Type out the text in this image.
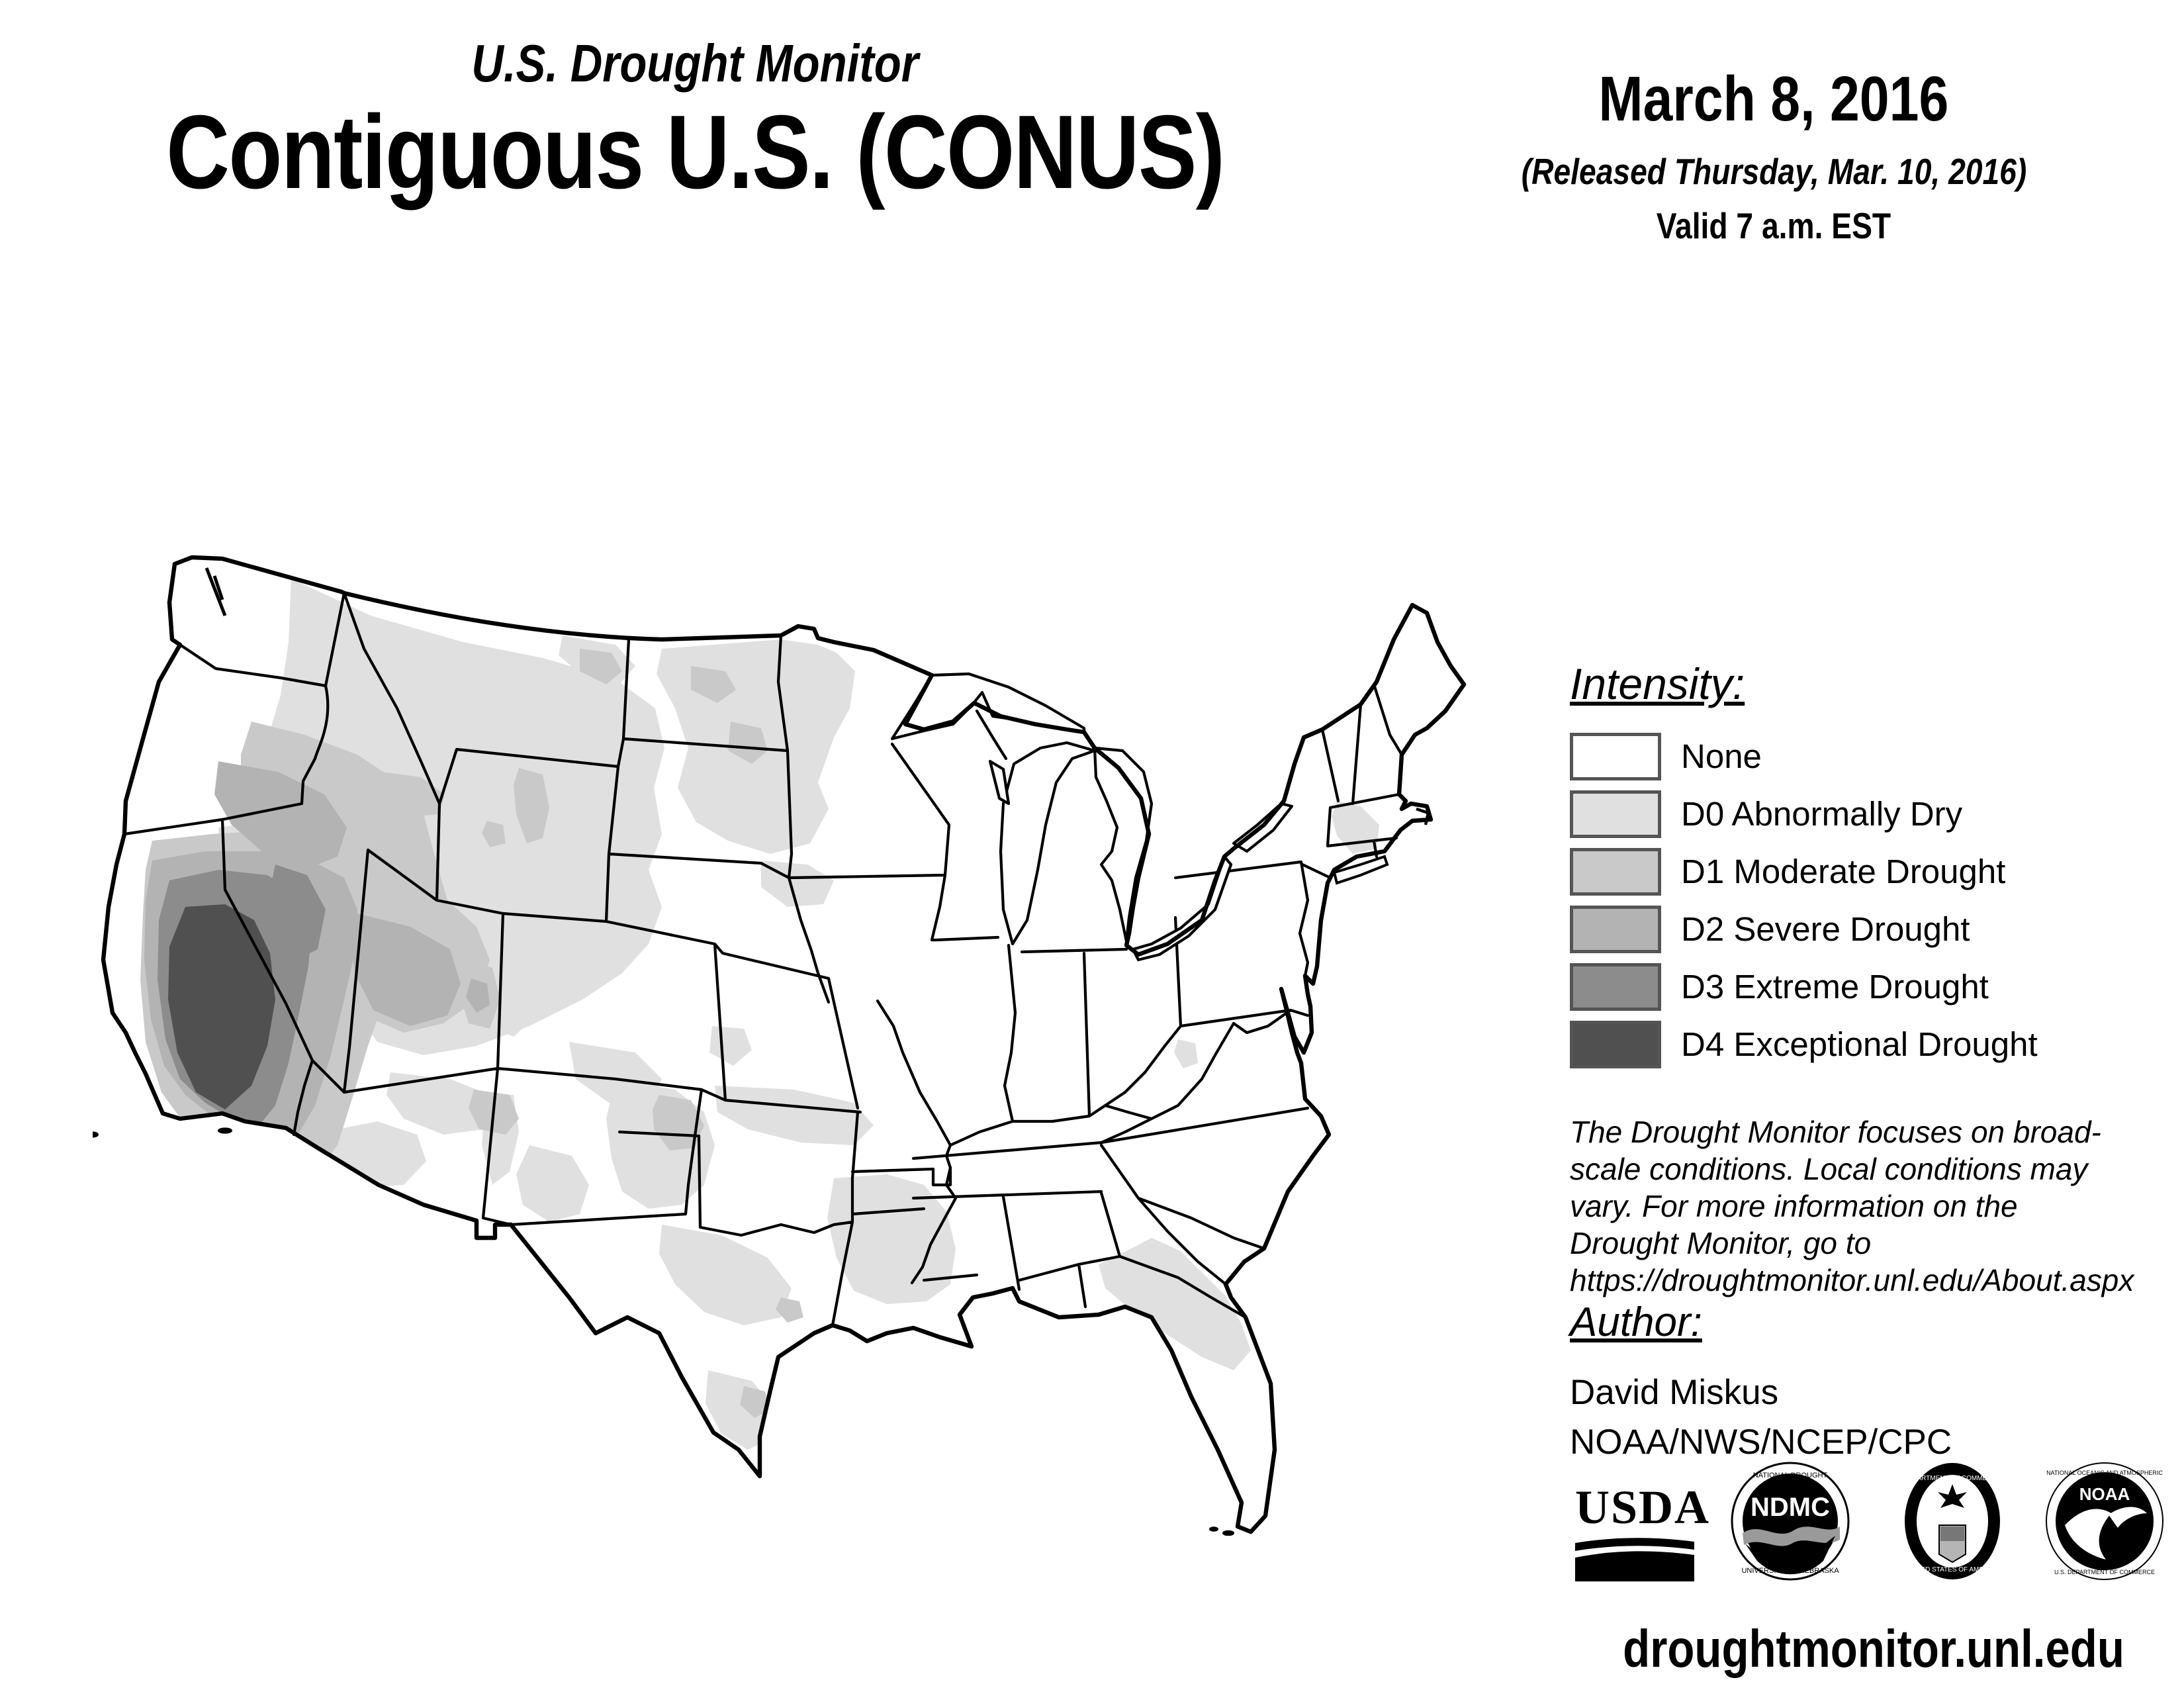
U.S. Drought Monitor
Contiguous U.S. (CONUS)	March 8, 2016
(Released Thursday, Mar. 10, 2016)
Valid 7 a.m. EST
Intensity:
None
D0 Abnormally Dry
D1 Moderate Drought
D2 Severe Drought
D3 Extreme Drought
D4 Exceptional Drought
The Drought Monitor focuses on broad-scale conditions. Local conditions may vary. For more information on the Drought Monitor, go to https://droughtmonitor.unl.edu/About.aspx
Author:
David Miskus
NOAA/NWS/NCEP/CPC
USDA NDMC
NATIONAL DROUGHT
UNIVERSITY OF NEBRASKA
DEPARTMENT OF COMMERCE
UNITED STATES OF AMERICA
NOAA
NATIONAL OCEANIC AND ATMOSPHERIC
U.S. DEPARTMENT OF COMMERCE
droughtmonitor.unl.edu
